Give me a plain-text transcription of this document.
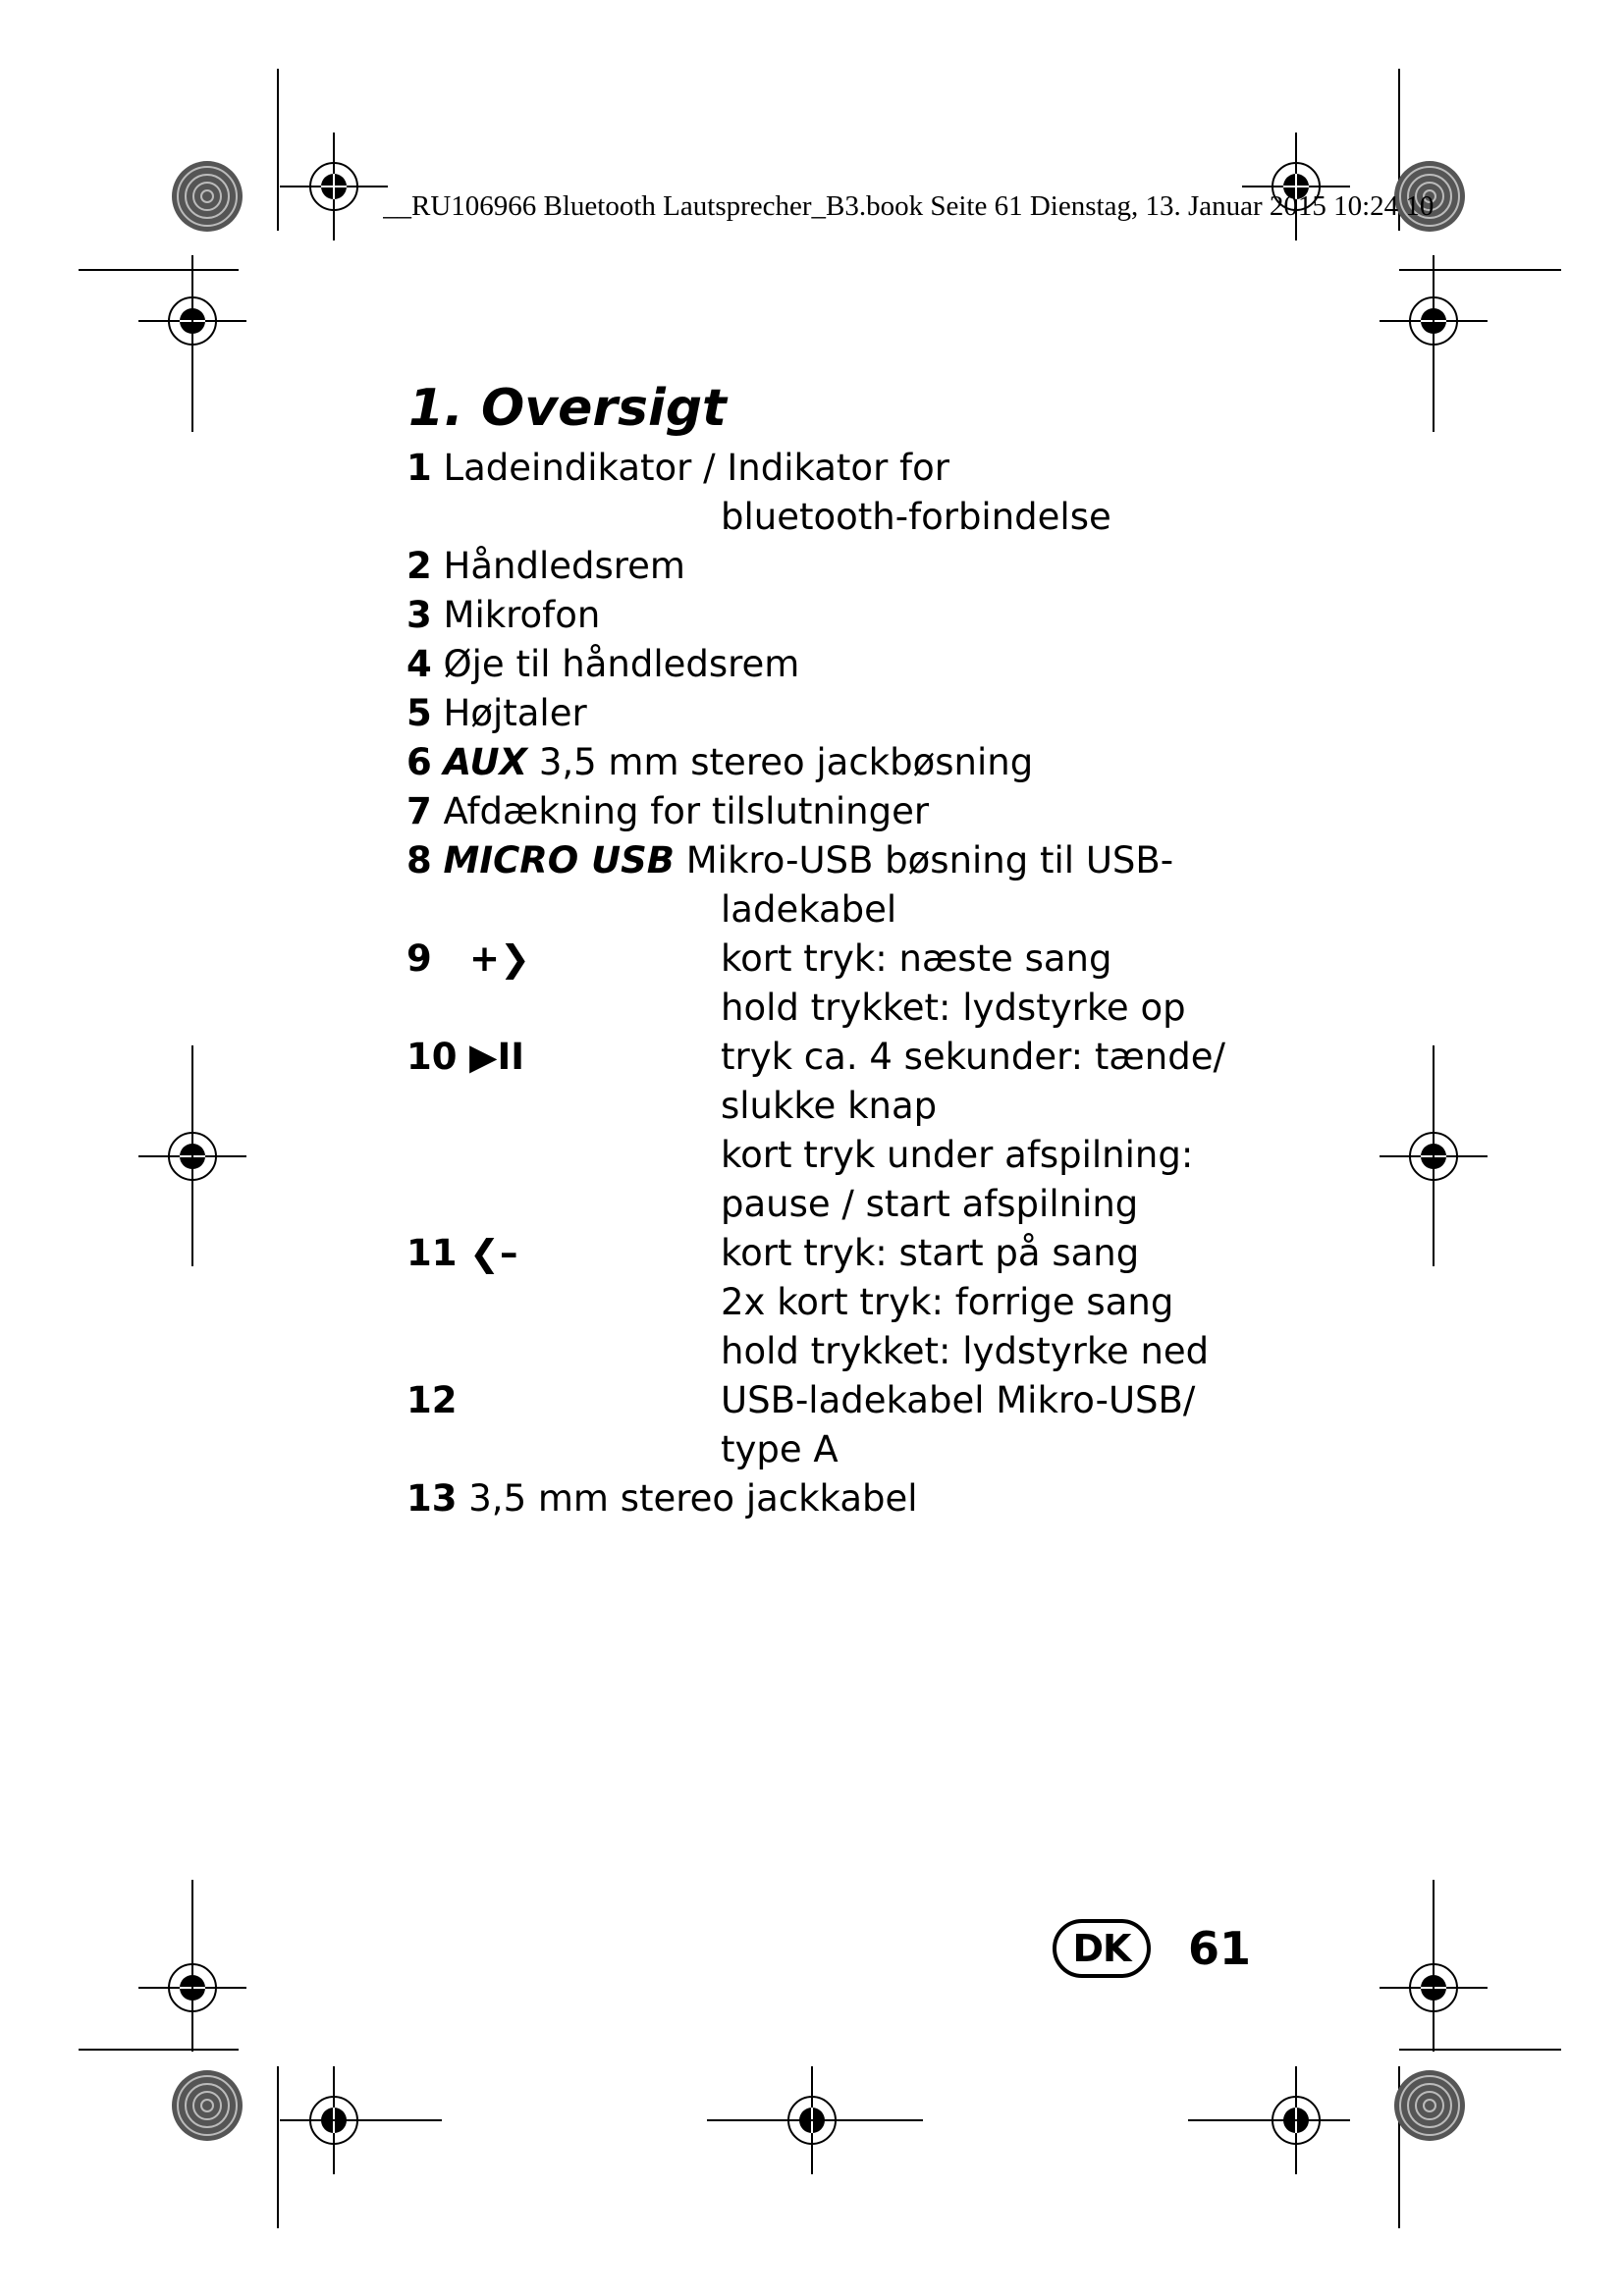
__RU106966 Bluetooth Lautsprecher_B3.book Seite 61 Dienstag, 13. Januar 2015 10:24 10
1. Oversigt
1 Ladeindikator / Indikator for
bluetooth-forbindelse
2 Håndledsrem
3 Mikrofon
4 Øje til håndledsrem
5 Højtaler
6 AUX 3,5 mm stereo jackbøsning
7 Afdækning for tilslutninger
8 MICRO USB Mikro-USB bøsning til USB-
ladekabel
9 +❯	kort tryk: næste sang
hold trykket: lydstyrke op
10 ▶II	tryk ca. 4 sekunder: tænde/
slukke knap
kort tryk under afspilning:
pause / start afspilning
11 ❮–	kort tryk: start på sang
2x kort tryk: forrige sang
hold trykket: lydstyrke ned
12	USB-ladekabel Mikro-USB/
type A
13 3,5 mm stereo jackkabel
DK	61
